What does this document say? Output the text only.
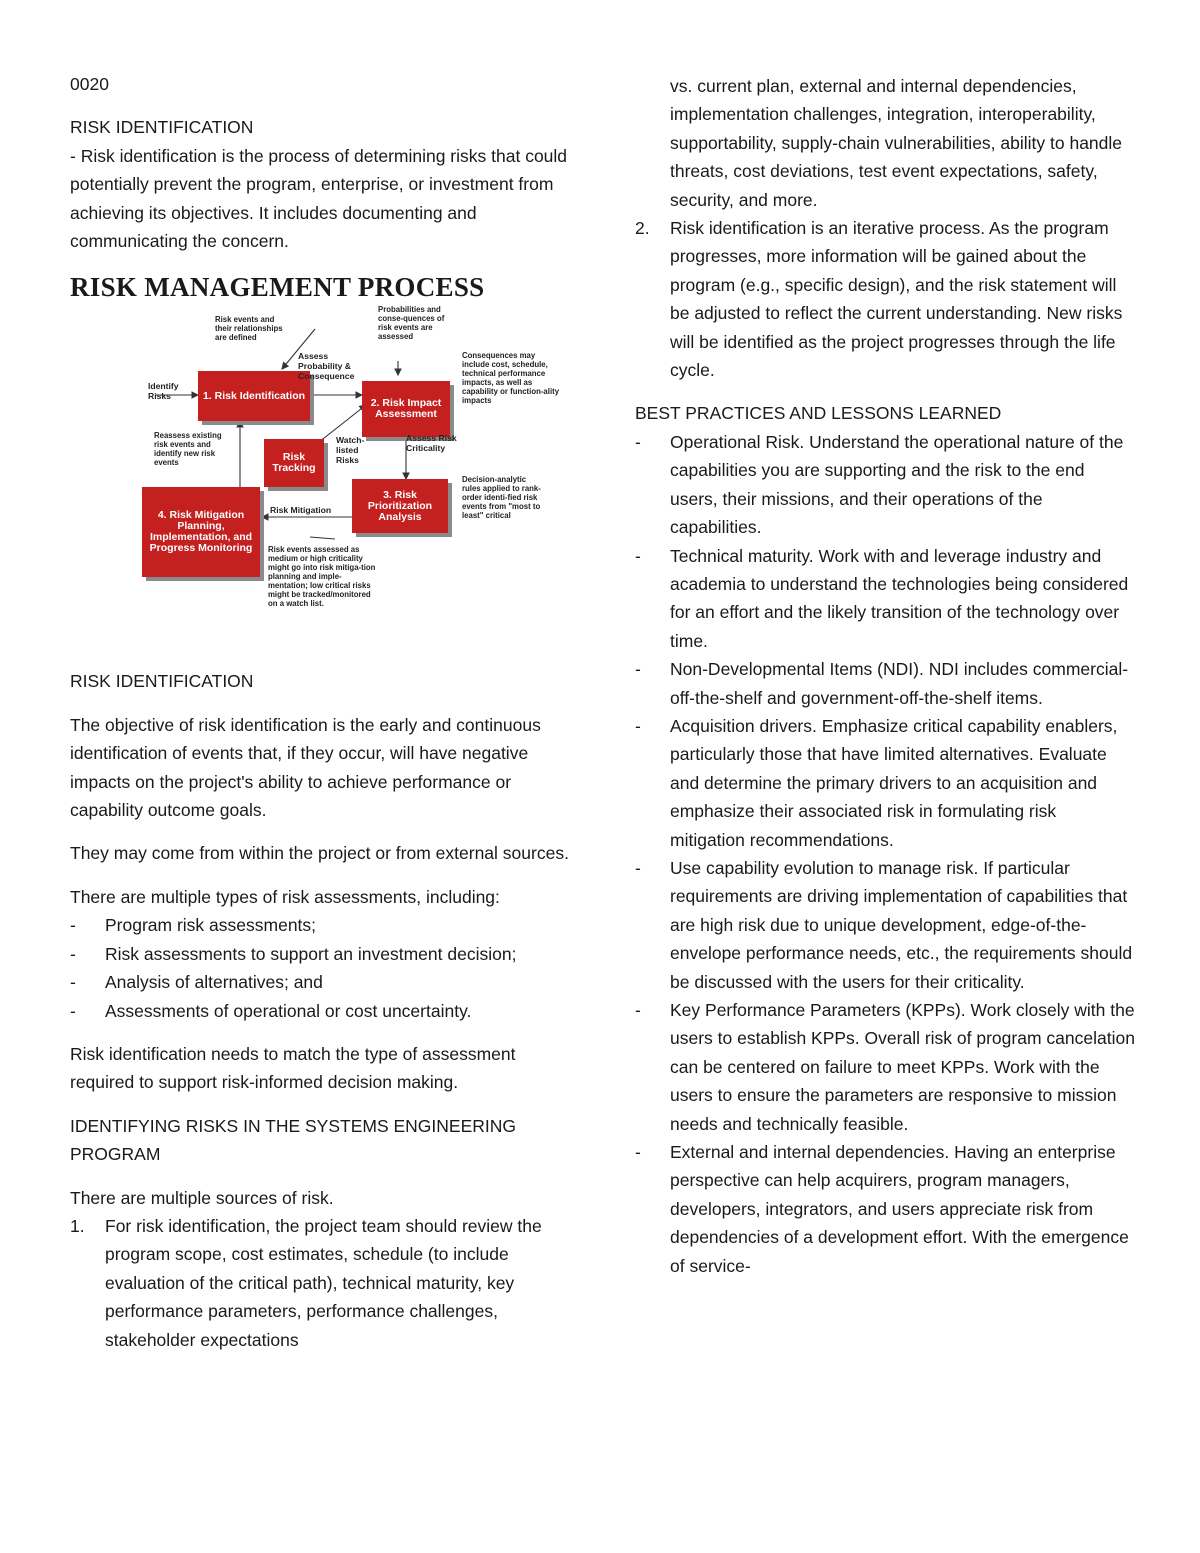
0020

RISK IDENTIFICATION

- Risk identification is the process of determining risks that could potentially prevent the program, enterprise, or investment from achieving its objectives. It includes documenting and communicating the concern.

RISK MANAGEMENT PROCESS
1. Risk Identification
2. Risk Impact Assessment
3. Risk Prioritization Analysis
4. Risk Mitigation Planning, Implementation, and Progress Monitoring
Risk Tracking
Risk events and their relationships are defined
Probabilities and conse-quences of risk events are assessed
Identify Risks
Assess Probability & Consequence
Consequences may include cost, schedule, technical performance impacts, as well as capability or function-ality impacts
Reassess existing risk events and identify new risk events
Watch-listed Risks
Assess Risk Criticality
Decision-analytic rules applied to rank-order identi-fied risk events from "most to least" critical
Risk Mitigation
Risk events assessed as medium or high criticality might go into risk mitiga-tion planning and imple-mentation; low critical risks might be tracked/monitored on a watch list.

RISK IDENTIFICATION

The objective of risk identification is the early and continuous identification of events that, if they occur, will have negative impacts on the project's ability to achieve performance or capability outcome goals.

They may come from within the project or from external sources.

There are multiple types of risk assessments, including:

- Program risk assessments;
- Risk assessments to support an investment decision;
- Analysis of alternatives; and
- Assessments of operational or cost uncertainty.

Risk identification needs to match the type of assessment required to support risk-informed decision making.

IDENTIFYING RISKS IN THE SYSTEMS ENGINEERING PROGRAM

There are multiple sources of risk.

1. For risk identification, the project team should review the program scope, cost estimates, schedule (to include evaluation of the critical path), technical maturity, key performance parameters, performance challenges, stakeholder expectations
vs. current plan, external and internal dependencies, implementation challenges, integration, interoperability, supportability, supply-chain vulnerabilities, ability to handle threats, cost deviations, test event expectations, safety, security, and more.
2. Risk identification is an iterative process. As the program progresses, more information will be gained about the program (e.g., specific design), and the risk statement will be adjusted to reflect the current understanding. New risks will be identified as the project progresses through the life cycle.

BEST PRACTICES AND LESSONS LEARNED

- Operational Risk. Understand the operational nature of the capabilities you are supporting and the risk to the end users, their missions, and their operations of the capabilities.
- Technical maturity. Work with and leverage industry and academia to understand the technologies being considered for an effort and the likely transition of the technology over time.
- Non-Developmental Items (NDI). NDI includes commercial-off-the-shelf and government-off-the-shelf items.
- Acquisition drivers. Emphasize critical capability enablers, particularly those that have limited alternatives. Evaluate and determine the primary drivers to an acquisition and emphasize their associated risk in formulating risk mitigation recommendations.
- Use capability evolution to manage risk. If particular requirements are driving implementation of capabilities that are high risk due to unique development, edge-of-the-envelope performance needs, etc., the requirements should be discussed with the users for their criticality.
- Key Performance Parameters (KPPs). Work closely with the users to establish KPPs. Overall risk of program cancelation can be centered on failure to meet KPPs. Work with the users to ensure the parameters are responsive to mission needs and technically feasible.
- External and internal dependencies. Having an enterprise perspective can help acquirers, program managers, developers, integrators, and users appreciate risk from dependencies of a development effort. With the emergence of service-
